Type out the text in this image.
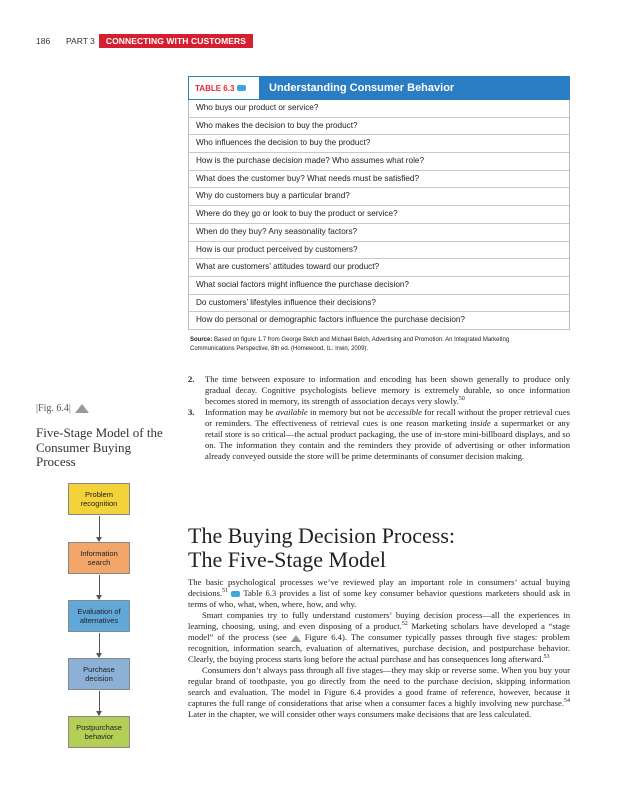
186	PART 3	CONNECTING WITH CUSTOMERS
TABLE 6.3	Understanding Consumer Behavior
Who buys our product or service?
Who makes the decision to buy the product?
Who influences the decision to buy the product?
How is the purchase decision made? Who assumes what role?
What does the customer buy? What needs must be satisfied?
Why do customers buy a particular brand?
Where do they go or look to buy the product or service?
When do they buy? Any seasonality factors?
How is our product perceived by customers?
What are customers’ attitudes toward our product?
What social factors might influence the purchase decision?
Do customers’ lifestyles influence their decisions?
How do personal or demographic factors influence the purchase decision?
Source: Based on figure 1.7 from George Belch and Michael Belch, Advertising and Promotion: An Integrated Marketing Communications Perspective, 8th ed. (Homewood, IL: Irwin, 2009).
|Fig. 6.4|
Five-Stage Model of the Consumer Buying Process
Problem recognition
Information search
Evaluation of alternatives
Purchase decision
Postpurchase behavior
2.	The time between exposure to information and encoding has been shown generally to produce only gradual decay. Cognitive psychologists believe memory is extremely durable, so once information becomes stored in memory, its strength of association decays very slowly.$^{50}$
3.	Information may be available in memory but not be accessible for recall without the proper retrieval cues or reminders. The effectiveness of retrieval cues is one reason marketing inside a supermarket or any retail store is so critical—the actual product packaging, the use of in-store mini-billboard displays, and so on. The information they contain and the reminders they provide of advertising or other information already conveyed outside the store will be prime determinants of consumer decision making.
The Buying Decision Process:
The Five-Stage Model

The basic psychological processes we’ve reviewed play an important role in consumers’ actual buying decisions.$^{51}$  Table 6.3 provides a list of some key consumer behavior questions marketers should ask in terms of who, what, when, where, how, and why.

Smart companies try to fully understand customers’ buying decision process—all the experiences in learning, choosing, using, and even disposing of a product.$^{52}$ Marketing scholars have developed a “stage model” of the process (see  Figure 6.4). The consumer typically passes through five stages: problem recognition, information search, evaluation of alternatives, purchase decision, and postpurchase behavior. Clearly, the buying process starts long before the actual purchase and has consequences long afterward.$^{53}$

Consumers don’t always pass through all five stages—they may skip or reverse some. When you buy your regular brand of toothpaste, you go directly from the need to the purchase decision, skipping information search and evaluation. The model in Figure 6.4 provides a good frame of reference, however, because it captures the full range of considerations that arise when a consumer faces a highly involving new purchase.$^{54}$ Later in the chapter, we will consider other ways consumers make decisions that are less calculated.
